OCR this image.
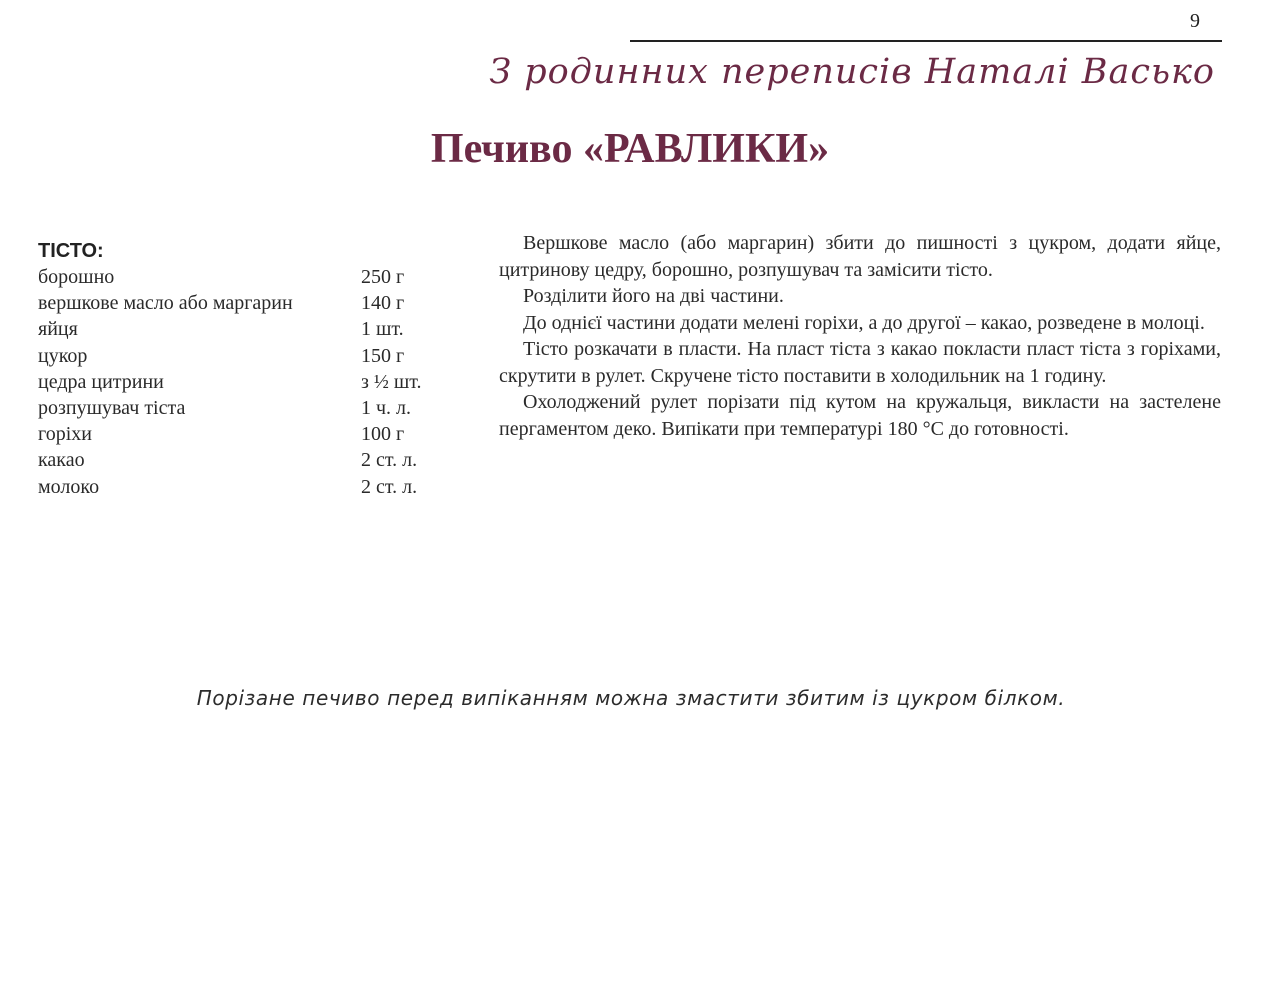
9
З родинних переписів Наталі Васько
Печиво «РАВЛИКИ»
ТІСТО:
борошно	250 г
вершкове масло або маргарин	140 г
яйця	1 шт.
цукор	150 г
цедра цитрини	з ½ шт.
розпушувач тіста	1 ч. л.
горіхи	100 г
какао	2 ст. л.
молоко	2 ст. л.

Вершкове масло (або маргарин) збити до пишності з цукром, додати яйце, цитринову цедру, борошно, розпушувач та замісити тісто.

Розділити його на дві частини.

До однієї частини додати мелені горіхи, а до другої – какао, розведене в молоці.

Тісто розкачати в пласти. На пласт тіста з какао покласти пласт тіста з горіхами, скрутити в рулет. Скручене тісто поставити в холодильник на 1 годину.

Охолоджений рулет порізати під кутом на кружальця, викласти на застелене пергаментом деко. Випікати при температурі 180 °С до готовності.

Порізане печиво перед випіканням можна змастити збитим із цукром білком.
